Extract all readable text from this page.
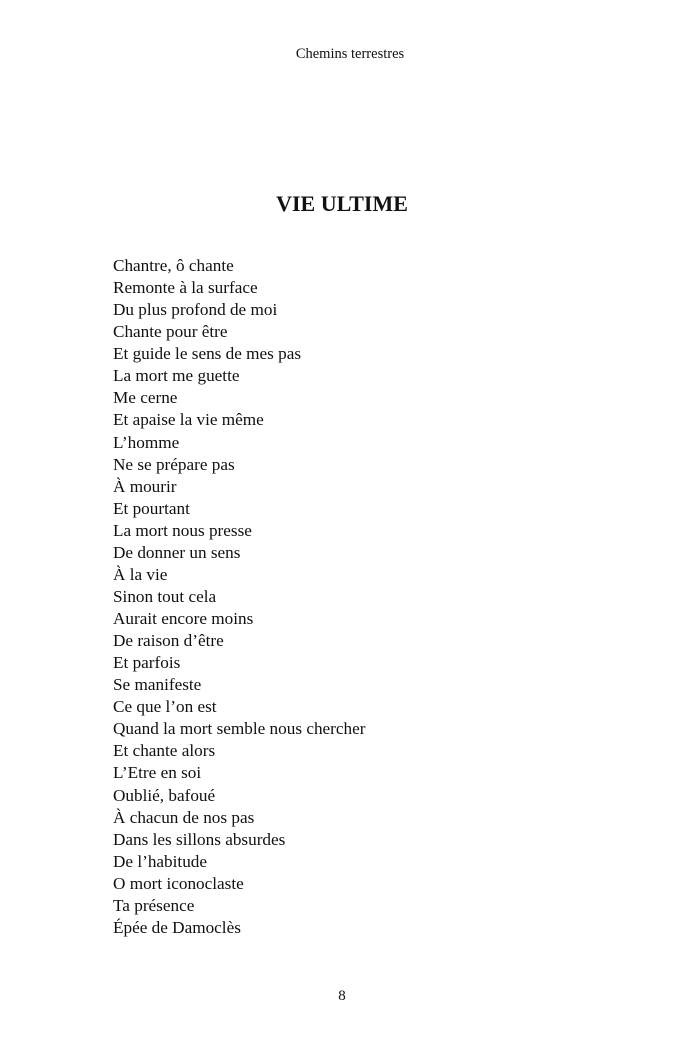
Chemins terrestres
VIE ULTIME
Chantre, ô chante
Remonte à la surface
Du plus profond de moi
Chante pour être
Et guide le sens de mes pas
La mort me guette
Me cerne
Et apaise la vie même
L’homme
Ne se prépare pas
À mourir
Et pourtant
La mort nous presse
De donner un sens
À la vie
Sinon tout cela
Aurait encore moins
De raison d’être
Et parfois
Se manifeste
Ce que l’on est
Quand la mort semble nous chercher
Et chante alors
L’Etre en soi
Oublié, bafoué
À chacun de nos pas
Dans les sillons absurdes
De l’habitude
O mort iconoclaste
Ta présence
Épée de Damoclès
8
